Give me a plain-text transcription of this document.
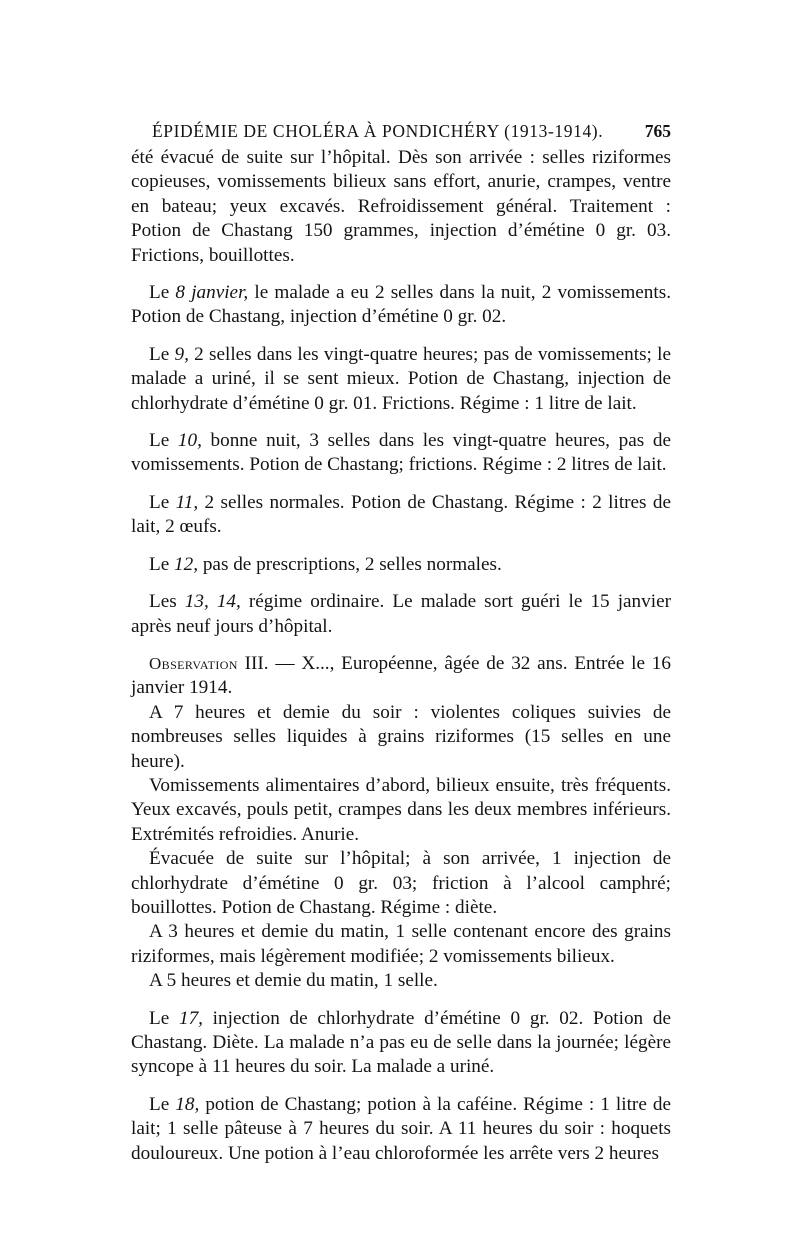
ÉPIDÉMIE DE CHOLÉRA À PONDICHÉRY (1913-1914). 765

été évacué de suite sur l’hôpital. Dès son arrivée : selles riziformes copieuses, vomissements bilieux sans effort, anurie, crampes, ventre en bateau; yeux excavés. Refroidissement général. Traitement : Potion de Chastang 150 grammes, injection d’émétine 0 gr. 03. Frictions, bouillottes.

Le 8 janvier, le malade a eu 2 selles dans la nuit, 2 vomissements. Potion de Chastang, injection d’émétine 0 gr. 02.

Le 9, 2 selles dans les vingt-quatre heures; pas de vomissements; le malade a uriné, il se sent mieux. Potion de Chastang, injection de chlorhydrate d’émétine 0 gr. 01. Frictions. Régime : 1 litre de lait.

Le 10, bonne nuit, 3 selles dans les vingt-quatre heures, pas de vomissements. Potion de Chastang; frictions. Régime : 2 litres de lait.

Le 11, 2 selles normales. Potion de Chastang. Régime : 2 litres de lait, 2 œufs.

Le 12, pas de prescriptions, 2 selles normales.

Les 13, 14, régime ordinaire. Le malade sort guéri le 15 janvier après neuf jours d’hôpital.

Observation III. — X..., Européenne, âgée de 32 ans. Entrée le 16 janvier 1914.

A 7 heures et demie du soir : violentes coliques suivies de nombreuses selles liquides à grains riziformes (15 selles en une heure).

Vomissements alimentaires d’abord, bilieux ensuite, très fréquents. Yeux excavés, pouls petit, crampes dans les deux membres inférieurs. Extrémités refroidies. Anurie.

Évacuée de suite sur l’hôpital; à son arrivée, 1 injection de chlorhydrate d’émétine 0 gr. 03; friction à l’alcool camphré; bouillottes. Potion de Chastang. Régime : diète.

A 3 heures et demie du matin, 1 selle contenant encore des grains riziformes, mais légèrement modifiée; 2 vomissements bilieux.

A 5 heures et demie du matin, 1 selle.

Le 17, injection de chlorhydrate d’émétine 0 gr. 02. Potion de Chastang. Diète. La malade n’a pas eu de selle dans la journée; légère syncope à 11 heures du soir. La malade a uriné.

Le 18, potion de Chastang; potion à la caféine. Régime : 1 litre de lait; 1 selle pâteuse à 7 heures du soir. A 11 heures du soir : hoquets douloureux. Une potion à l’eau chloroformée les arrête vers 2 heures
